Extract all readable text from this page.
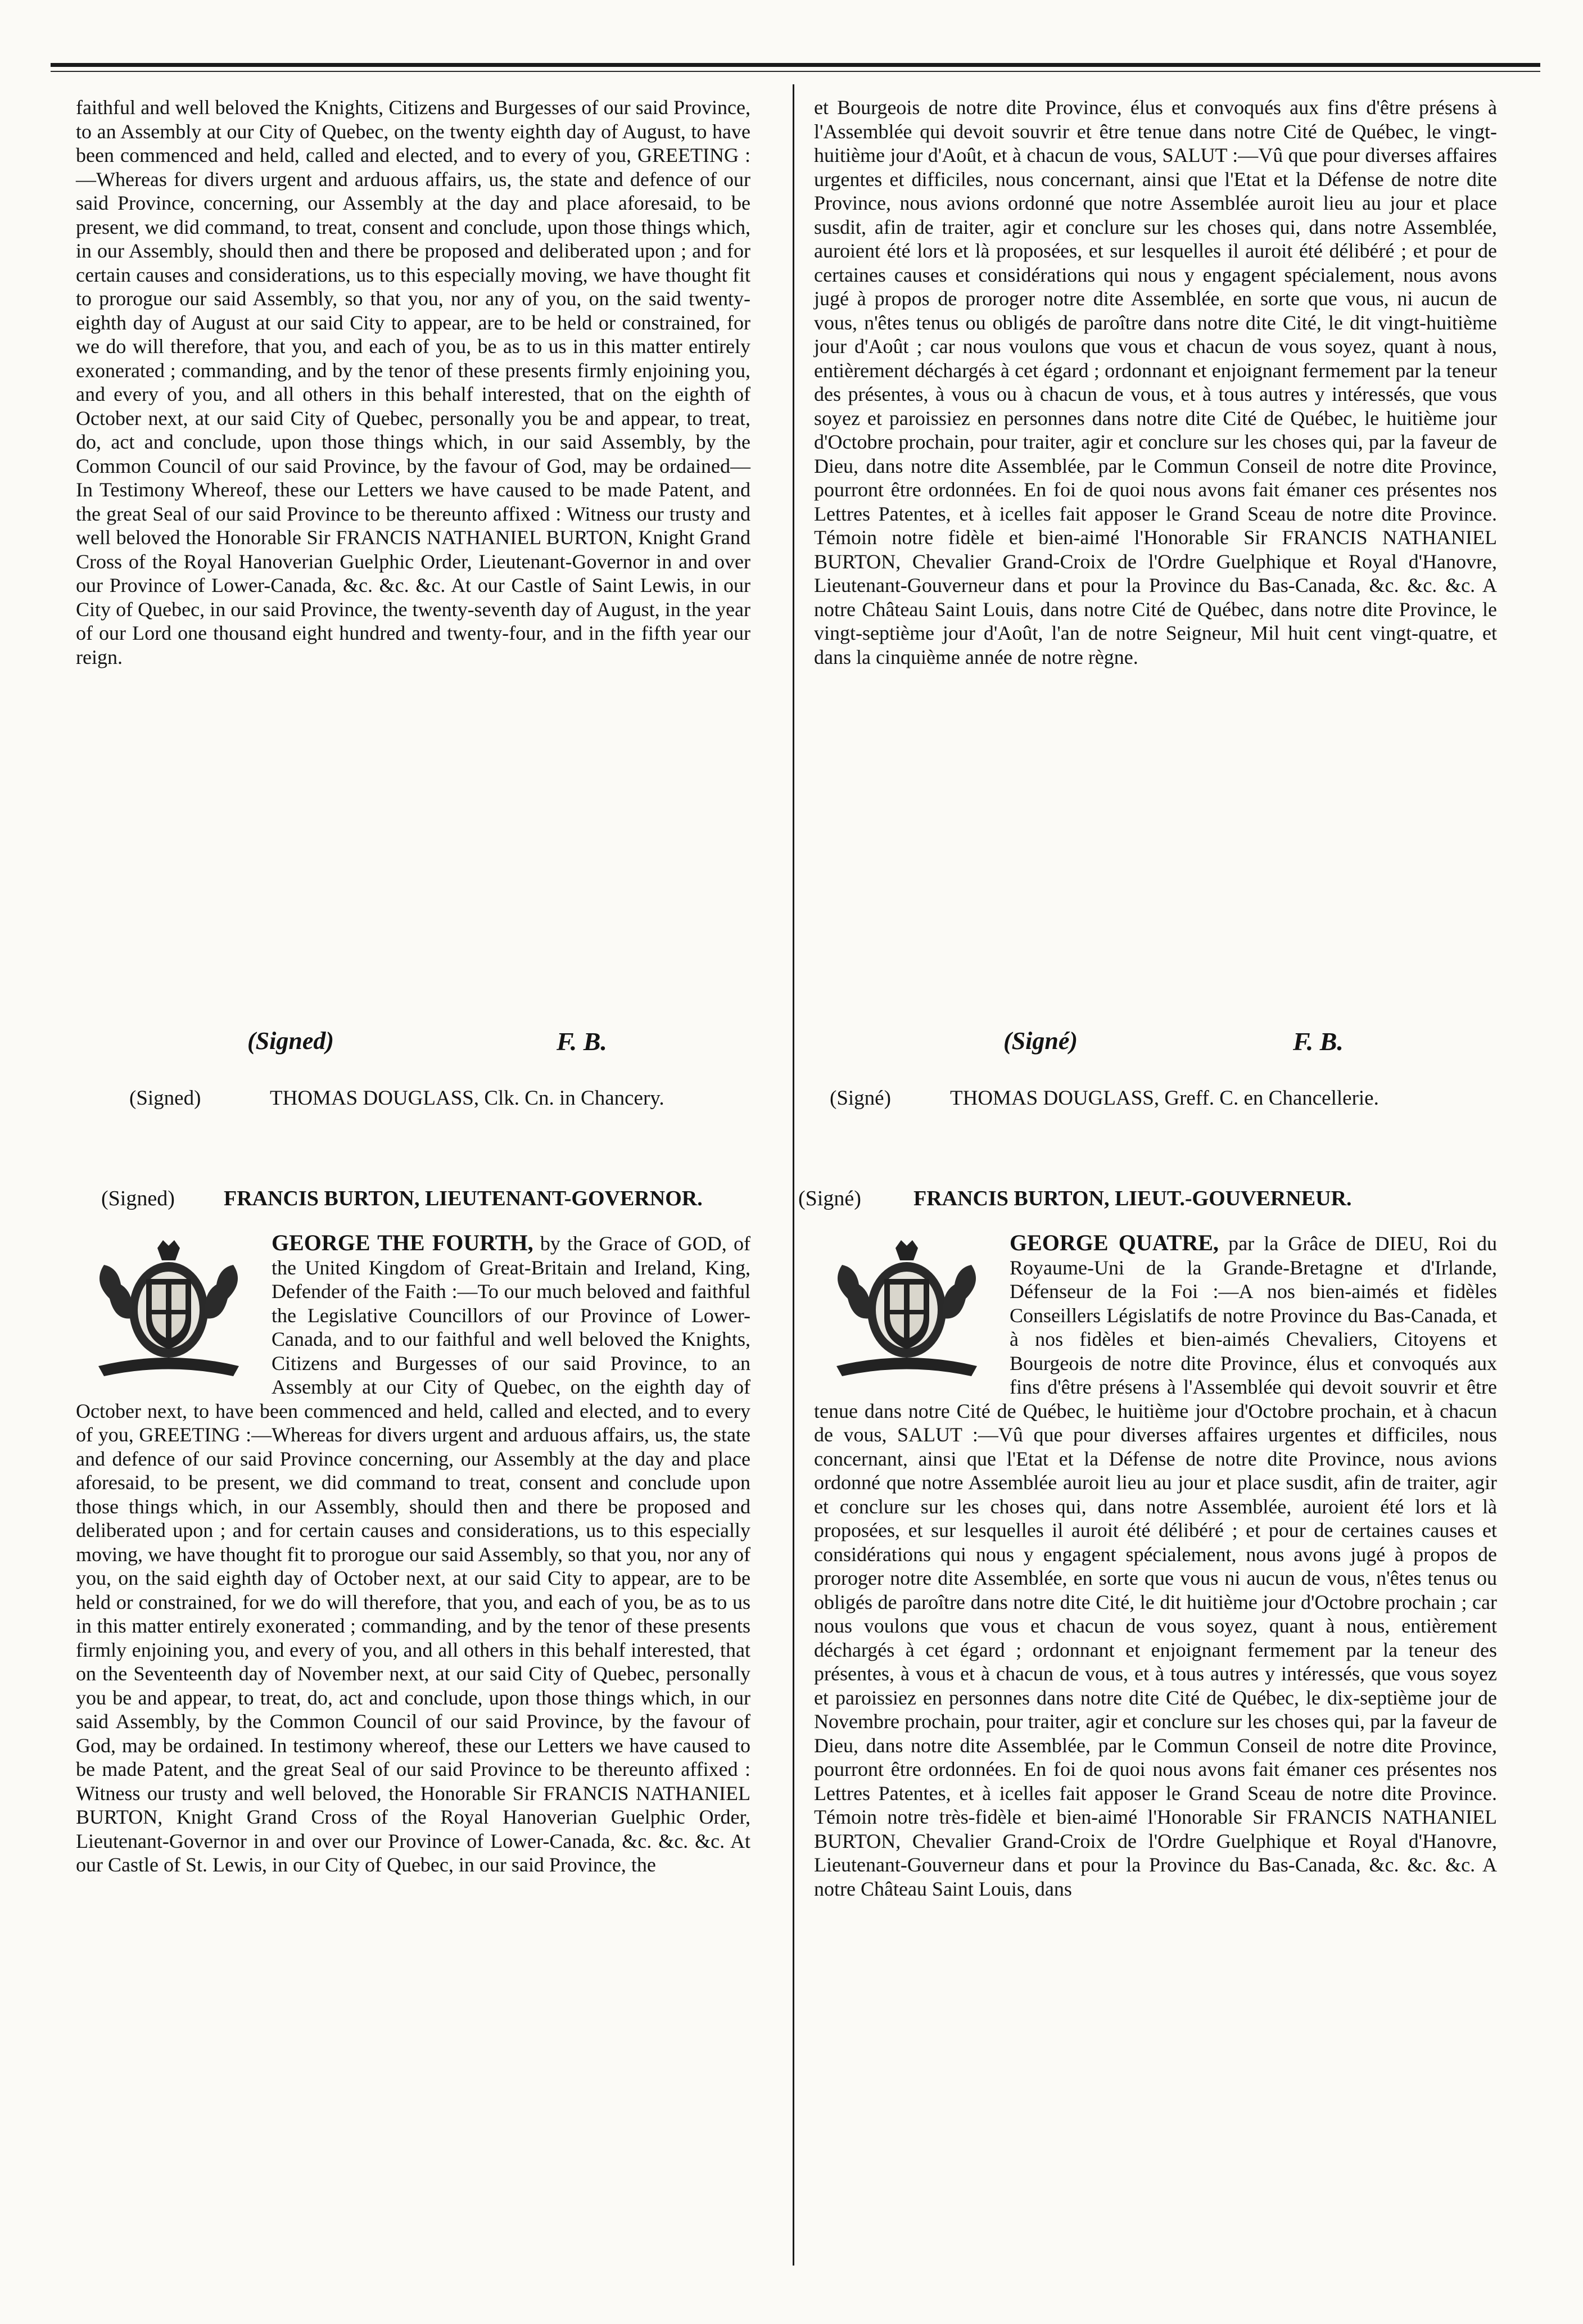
faithful and well beloved the Knights, Citizens and Burgesses of our said Province, to an Assembly at our City of Quebec, on the twenty eighth day of August, to have been commenced and held, called and elected, and to every of you, GREETING : —Whereas for divers urgent and arduous affairs, us, the state and defence of our said Province, concerning, our Assembly at the day and place aforesaid, to be present, we did command, to treat, consent and conclude, upon those things which, in our Assembly, should then and there be proposed and deliberated upon ; and for certain causes and considerations, us to this especially moving, we have thought fit to prorogue our said Assembly, so that you, nor any of you, on the said twenty-eighth day of August at our said City to appear, are to be held or constrained, for we do will therefore, that you, and each of you, be as to us in this matter entirely exonerated ; commanding, and by the tenor of these presents firmly enjoining you, and every of you, and all others in this behalf interested, that on the eighth of October next, at our said City of Quebec, personally you be and appear, to treat, do, act and conclude, upon those things which, in our said Assembly, by the Common Council of our said Province, by the favour of God, may be ordained—In Testimony Whereof, these our Letters we have caused to be made Patent, and the great Seal of our said Province to be thereunto affixed : Witness our trusty and well beloved the Honorable Sir FRANCIS NATHANIEL BURTON, Knight Grand Cross of the Royal Hanoverian Guelphic Order, Lieutenant-Governor in and over our Province of Lower-Canada, &c. &c. &c. At our Castle of Saint Lewis, in our City of Quebec, in our said Province, the twenty-seventh day of August, in the year of our Lord one thousand eight hundred and twenty-four, and in the fifth year our reign.

et Bourgeois de notre dite Province, élus et convoqués aux fins d'être présens à l'Assemblée qui devoit souvrir et être tenue dans notre Cité de Québec, le vingt-huitième jour d'Août, et à chacun de vous, SALUT :—Vû que pour diverses affaires urgentes et difficiles, nous concernant, ainsi que l'Etat et la Défense de notre dite Province, nous avions ordonné que notre Assemblée auroit lieu au jour et place susdit, afin de traiter, agir et conclure sur les choses qui, dans notre Assemblée, auroient été lors et là proposées, et sur lesquelles il auroit été délibéré ; et pour de certaines causes et considérations qui nous y engagent spécialement, nous avons jugé à propos de proroger notre dite Assemblée, en sorte que vous, ni aucun de vous, n'êtes tenus ou obligés de paroître dans notre dite Cité, le dit vingt-huitième jour d'Août ; car nous voulons que vous et chacun de vous soyez, quant à nous, entièrement déchargés à cet égard ; ordonnant et enjoignant fermement par la teneur des présentes, à vous ou à chacun de vous, et à tous autres y intéressés, que vous soyez et paroissiez en personnes dans notre dite Cité de Québec, le huitième jour d'Octobre prochain, pour traiter, agir et conclure sur les choses qui, par la faveur de Dieu, dans notre dite Assemblée, par le Commun Conseil de notre dite Province, pourront être ordonnées. En foi de quoi nous avons fait émaner ces présentes nos Lettres Patentes, et à icelles fait apposer le Grand Sceau de notre dite Province. Témoin notre fidèle et bien-aimé l'Honorable Sir FRANCIS NATHANIEL BURTON, Chevalier Grand-Croix de l'Ordre Guelphique et Royal d'Hanovre, Lieutenant-Gouverneur dans et pour la Province du Bas-Canada, &c. &c. &c. A notre Château Saint Louis, dans notre Cité de Québec, dans notre dite Province, le vingt-septième jour d'Août, l'an de notre Seigneur, Mil huit cent vingt-quatre, et dans la cinquième année de notre règne.

(Signed)	F. B.	(Signé)	F. B.
(Signed)	THOMAS DOUGLASS, Clk. Cn. in Chancery.	(Signé)	THOMAS DOUGLASS, Greff. C. en Chancellerie.
(Signed) FRANCIS BURTON, LIEUTENANT-GOVERNOR.	(Signé) FRANCIS BURTON, LIEUT.-GOUVERNEUR.
GEORGE THE FOURTH, by the Grace of GOD, of the United Kingdom of Great-Britain and Ireland, King, Defender of the Faith :—To our much beloved and faithful the Legislative Councillors of our Province of Lower-Canada, and to our faithful and well beloved the Knights, Citizens and Burgesses of our said Province, to an Assembly at our City of Quebec, on the eighth day of October next, to have been commenced and held, called and elected, and to every of you, GREETING :—Whereas for divers urgent and arduous affairs, us, the state and defence of our said Province concerning, our Assembly at the day and place aforesaid, to be present, we did command to treat, consent and conclude upon those things which, in our Assembly, should then and there be proposed and deliberated upon ; and for certain causes and considerations, us to this especially moving, we have thought fit to prorogue our said Assembly, so that you, nor any of you, on the said eighth day of October next, at our said City to appear, are to be held or constrained, for we do will therefore, that you, and each of you, be as to us in this matter entirely exonerated ; commanding, and by the tenor of these presents firmly enjoining you, and every of you, and all others in this behalf interested, that on the Seventeenth day of November next, at our said City of Quebec, personally you be and appear, to treat, do, act and conclude, upon those things which, in our said Assembly, by the Common Council of our said Province, by the favour of God, may be ordained. In testimony whereof, these our Letters we have caused to be made Patent, and the great Seal of our said Province to be thereunto affixed : Witness our trusty and well beloved, the Honorable Sir FRANCIS NATHANIEL BURTON, Knight Grand Cross of the Royal Hanoverian Guelphic Order, Lieutenant-Governor in and over our Province of Lower-Canada, &c. &c. &c. At our Castle of St. Lewis, in our City of Quebec, in our said Province, the
GEORGE QUATRE, par la Grâce de DIEU, Roi du Royaume-Uni de la Grande-Bretagne et d'Irlande, Défenseur de la Foi :—A nos bien-aimés et fidèles Conseillers Législatifs de notre Province du Bas-Canada, et à nos fidèles et bien-aimés Chevaliers, Citoyens et Bourgeois de notre dite Province, élus et convoqués aux fins d'être présens à l'Assemblée qui devoit souvrir et être tenue dans notre Cité de Québec, le huitième jour d'Octobre prochain, et à chacun de vous, SALUT :—Vû que pour diverses affaires urgentes et difficiles, nous concernant, ainsi que l'Etat et la Défense de notre dite Province, nous avions ordonné que notre Assemblée auroit lieu au jour et place susdit, afin de traiter, agir et conclure sur les choses qui, dans notre Assemblée, auroient été lors et là proposées, et sur lesquelles il auroit été délibéré ; et pour de certaines causes et considérations qui nous y engagent spécialement, nous avons jugé à propos de proroger notre dite Assemblée, en sorte que vous ni aucun de vous, n'êtes tenus ou obligés de paroître dans notre dite Cité, le dit huitième jour d'Octobre prochain ; car nous voulons que vous et chacun de vous soyez, quant à nous, entièrement déchargés à cet égard ; ordonnant et enjoignant fermement par la teneur des présentes, à vous et à chacun de vous, et à tous autres y intéressés, que vous soyez et paroissiez en personnes dans notre dite Cité de Québec, le dix-septième jour de Novembre prochain, pour traiter, agir et conclure sur les choses qui, par la faveur de Dieu, dans notre dite Assemblée, par le Commun Conseil de notre dite Province, pourront être ordonnées. En foi de quoi nous avons fait émaner ces présentes nos Lettres Patentes, et à icelles fait apposer le Grand Sceau de notre dite Province. Témoin notre très-fidèle et bien-aimé l'Honorable Sir FRANCIS NATHANIEL BURTON, Chevalier Grand-Croix de l'Ordre Guelphique et Royal d'Hanovre, Lieutenant-Gouverneur dans et pour la Province du Bas-Canada, &c. &c. &c. A notre Château Saint Louis, dans
